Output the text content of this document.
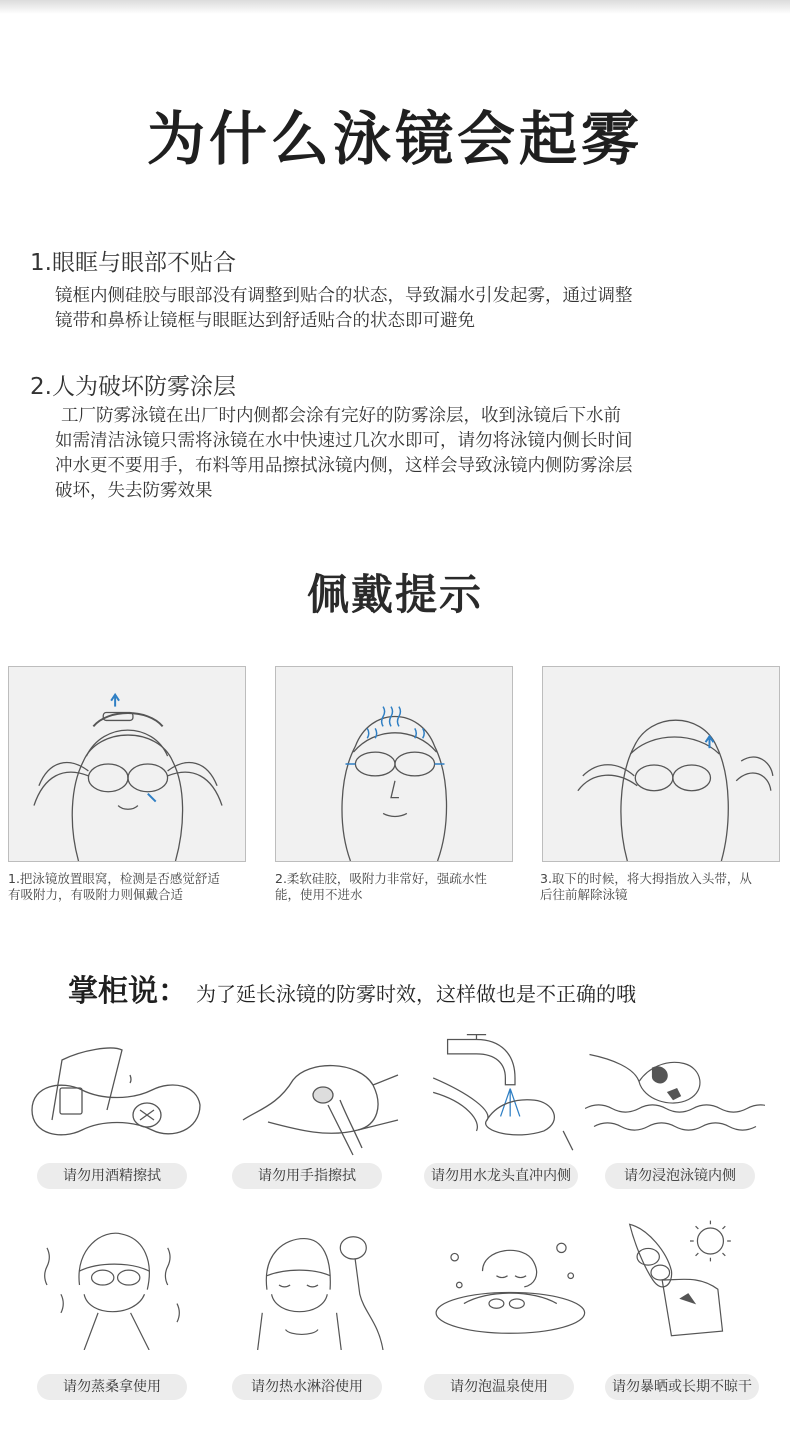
为什么泳镜会起雾
1.眼眶与眼部不贴合

镜框内侧硅胶与眼部没有调整到贴合的状态，导致漏水引发起雾，通过调整
镜带和鼻桥让镜框与眼眶达到舒适贴合的状态即可避免

2.人为破坏防雾涂层

工厂防雾泳镜在出厂时内侧都会涂有完好的防雾涂层，收到泳镜后下水前
如需清洁泳镜只需将泳镜在水中快速过几次水即可，请勿将泳镜内侧长时间
冲水更不要用手，布料等用品擦拭泳镜内侧，这样会导致泳镜内侧防雾涂层
破坏，失去防雾效果

佩戴提示

1.把泳镜放置眼窝，检测是否感觉舒适
有吸附力，有吸附力则佩戴合适

2.柔软硅胶，吸附力非常好，强疏水性
能，使用不进水

3.取下的时候，将大拇指放入头带，从
后往前解除泳镜

掌柜说： 为了延长泳镜的防雾时效，这样做也是不正确的哦
请勿用酒精擦拭	请勿用手指擦拭	请勿用水龙头直冲内侧	请勿浸泡泳镜内侧
请勿蒸桑拿使用	请勿热水淋浴使用	请勿泡温泉使用	请勿暴晒或长期不晾干
